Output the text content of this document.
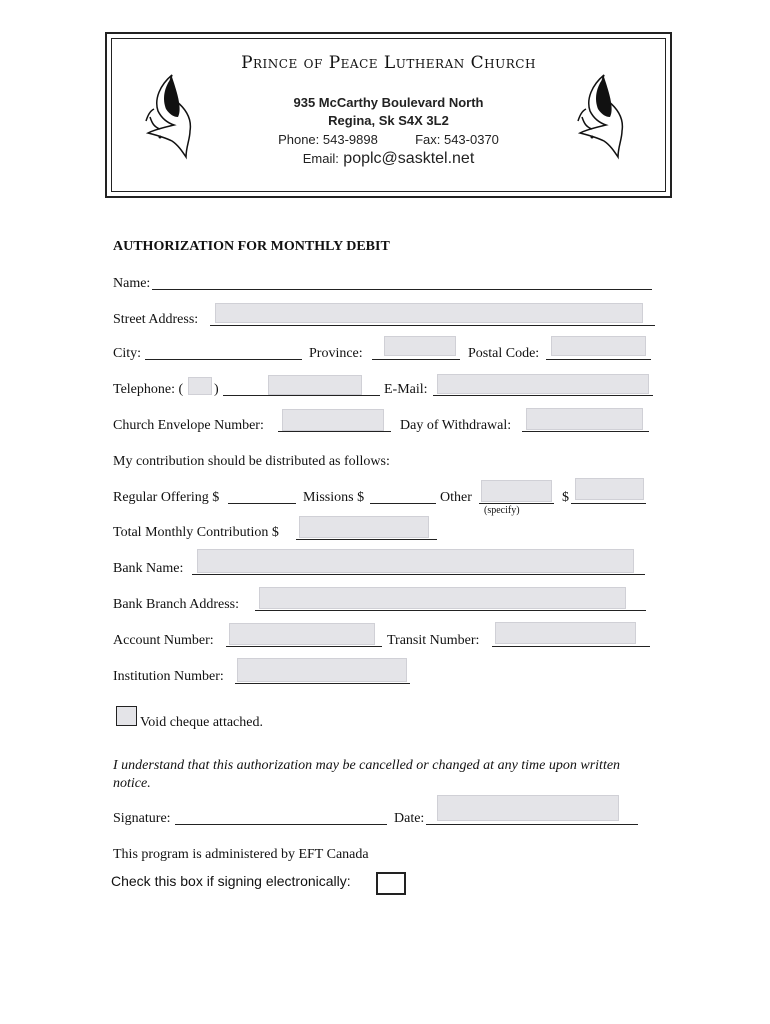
Prince of Peace Lutheran Church
935 McCarthy Boulevard North
Regina, Sk S4X 3L2
Phone: 543-9898	Fax: 543-0370
Email: poplc@sasktel.net
AUTHORIZATION FOR MONTHLY DEBIT
Name:
Street Address:
City:	Province:	Postal Code:
Telephone: ( )	E-Mail:
Church Envelope Number:	Day of Withdrawal:
My contribution should be distributed as follows:
Regular Offering $	Missions $	Other
(specify)
$
Total Monthly Contribution $
Bank Name:
Bank Branch Address:
Account Number:	Transit Number:
Institution Number:
Void cheque attached.
I understand that this authorization may be cancelled or changed at any time upon written notice.
Signature:	Date:
This program is administered by EFT Canada
Check this box if signing electronically:
